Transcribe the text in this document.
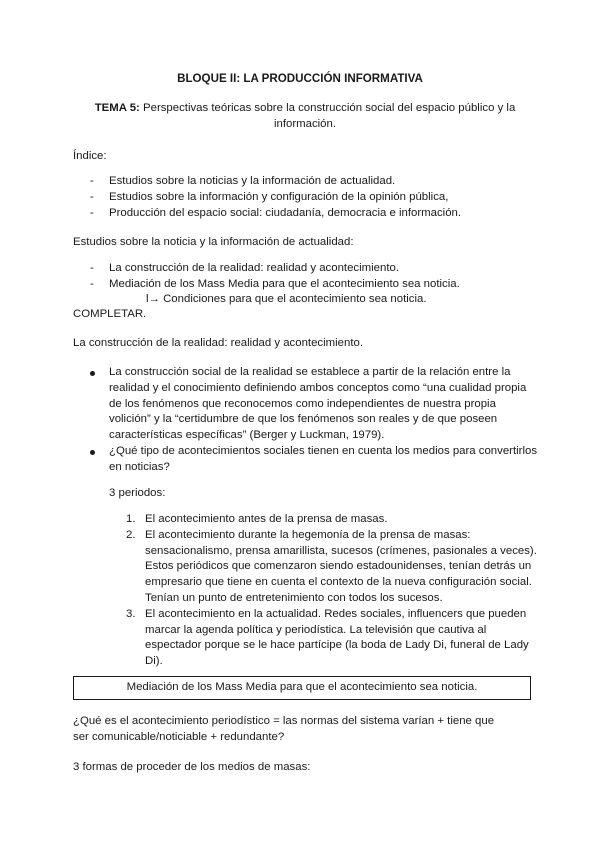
BLOQUE II: LA PRODUCCIÓN INFORMATIVA

TEMA 5: Perspectivas teóricas sobre la construcción social del espacio público y la información.

Índice:

- Estudios sobre la noticias y la información de actualidad.
- Estudios sobre la información y configuración de la opinión pública,
- Producción del espacio social: ciudadanía, democracia e información.

Estudios sobre la noticia y la información de actualidad:

- La construcción de la realidad: realidad y acontecimiento.
- Mediación de los Mass Media para que el acontecimiento sea noticia.

l→ Condiciones para que el acontecimiento sea noticia.

COMPLETAR.

La construcción de la realidad: realidad y acontecimiento.

La construcción social de la realidad se establece a partir de la relación entre la realidad y el conocimiento definiendo ambos conceptos como “una cualidad propia de los fenómenos que reconocemos como independientes de nuestra propia volición” y la “certidumbre de que los fenómenos son reales y de que poseen características específicas” (Berger y Luckman, 1979).
¿Qué tipo de acontecimientos sociales tienen en cuenta los medios para convertirlos en noticias?

3 periodos:

1. El acontecimiento antes de la prensa de masas.
2. El acontecimiento durante la hegemonía de la prensa de masas: sensacionalismo, prensa amarillista, sucesos (crímenes, pasionales a veces). Estos periódicos que comenzaron siendo estadounidenses, tenían detrás un empresario que tiene en cuenta el contexto de la nueva configuración social. Tenían un punto de entretenimiento con todos los sucesos.
3. El acontecimiento en la actualidad. Redes sociales, influencers que pueden marcar la agenda política y periodística. La televisión que cautiva al espectador porque se le hace partícipe (la boda de Lady Di, funeral de Lady Di).
Mediación de los Mass Media para que el acontecimiento sea noticia.

¿Qué es el acontecimiento periodístico = las normas del sistema varían + tiene que ser comunicable/noticiable + redundante?

3 formas de proceder de los medios de masas:
